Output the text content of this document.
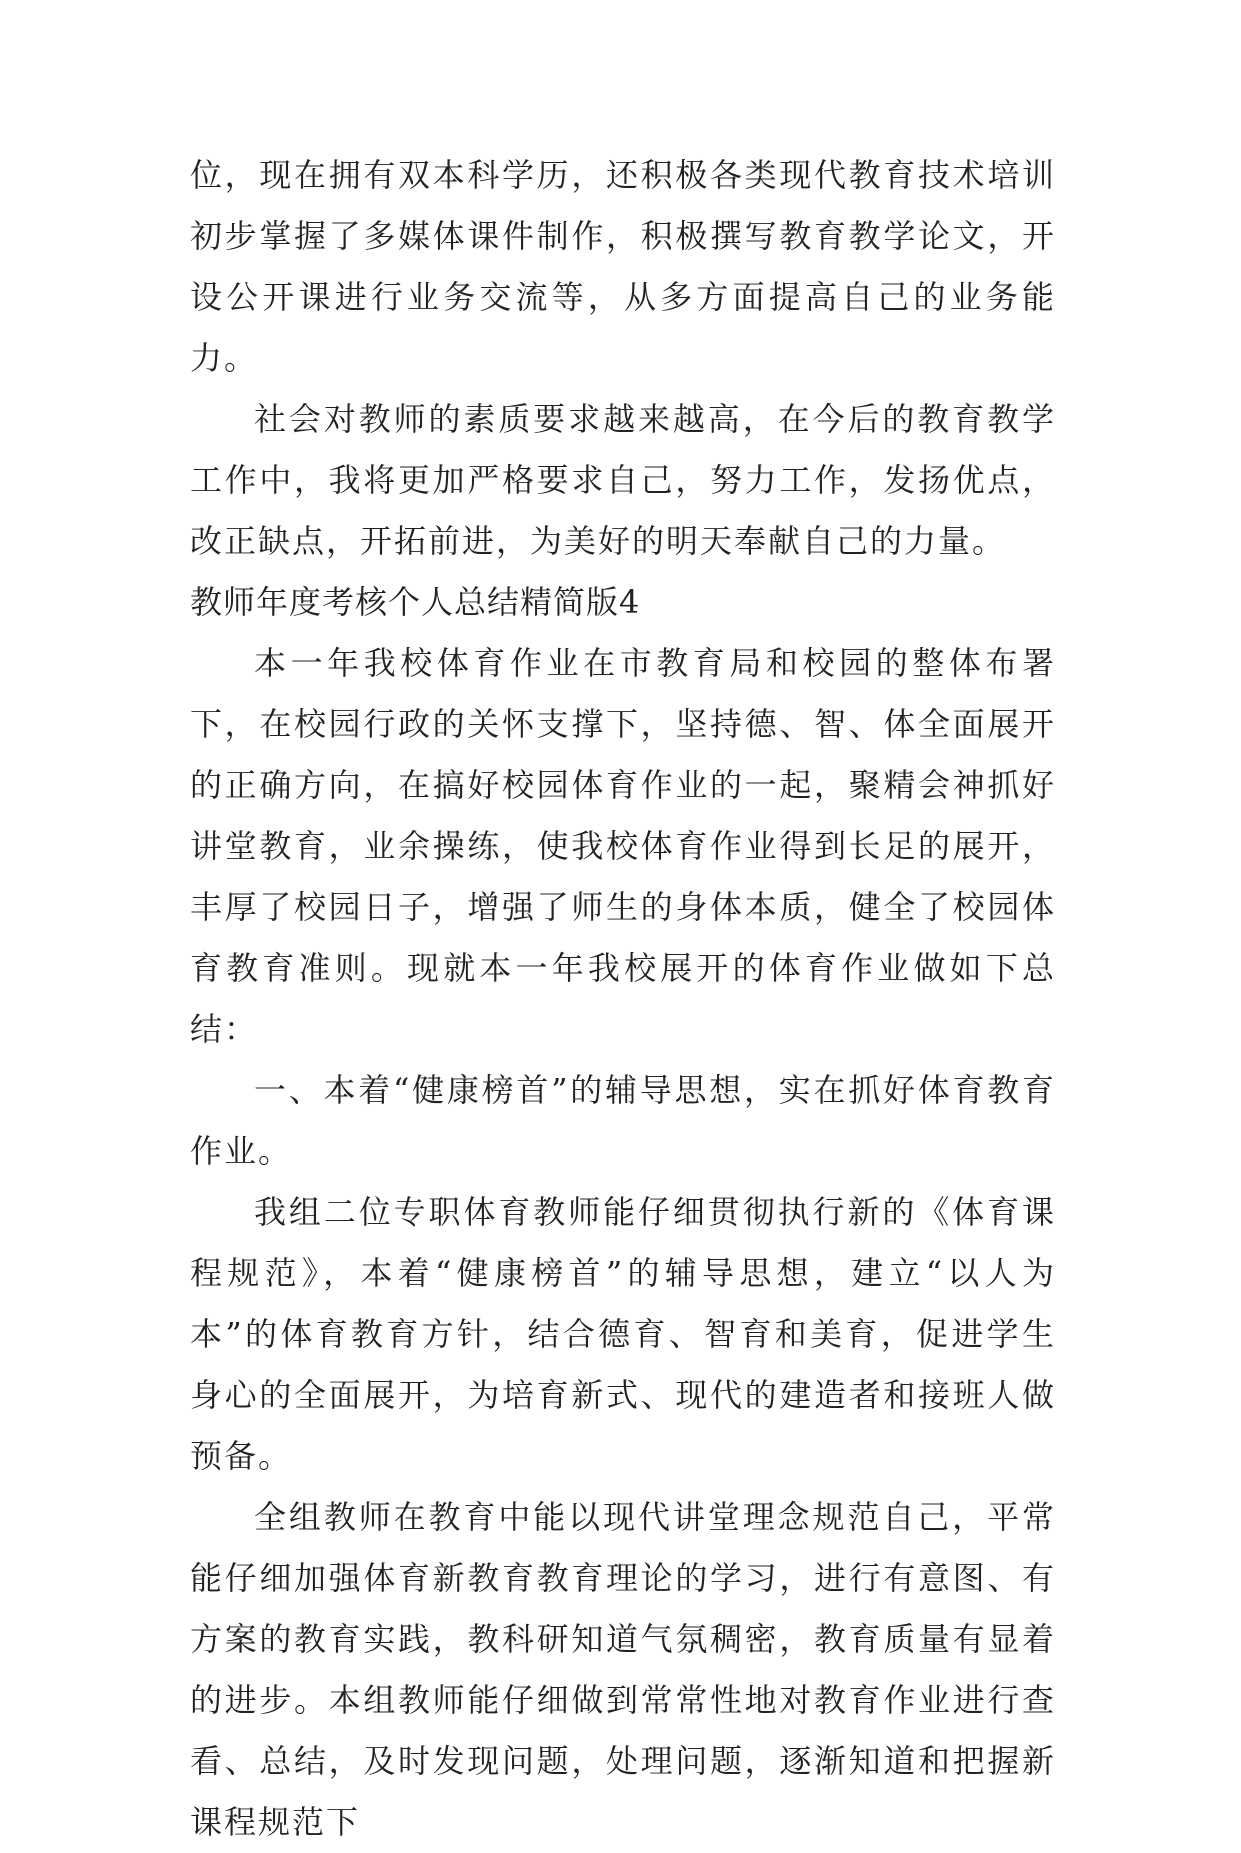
位，现在拥有双本科学历，还积极各类现代教育技术培训初步掌握了多媒体课件制作，积极撰写教育教学论文，开设公开课进行业务交流等，从多方面提高自己的业务能力。

社会对教师的素质要求越来越高，在今后的教育教学工作中，我将更加严格要求自己，努力工作，发扬优点，改正缺点，开拓前进，为美好的明天奉献自己的力量。

教师年度考核个人总结精简版4

本一年我校体育作业在市教育局和校园的整体布署下，在校园行政的关怀支撑下，坚持德、智、体全面展开的正确方向，在搞好校园体育作业的一起，聚精会神抓好讲堂教育，业余操练，使我校体育作业得到长足的展开，丰厚了校园日子，增强了师生的身体本质，健全了校园体育教育准则。现就本一年我校展开的体育作业做如下总结：

一、本着“健康榜首”的辅导思想，实在抓好体育教育作业。

我组二位专职体育教师能仔细贯彻执行新的《体育课程规范》，本着“健康榜首”的辅导思想，建立“以人为本”的体育教育方针，结合德育、智育和美育，促进学生身心的全面展开，为培育新式、现代的建造者和接班人做预备。

全组教师在教育中能以现代讲堂理念规范自己，平常能仔细加强体育新教育教育理论的学习，进行有意图、有方案的教育实践，教科研知道气氛稠密，教育质量有显着的进步。本组教师能仔细做到常常性地对教育作业进行查看、总结，及时发现问题，处理问题，逐渐知道和把握新课程规范下
